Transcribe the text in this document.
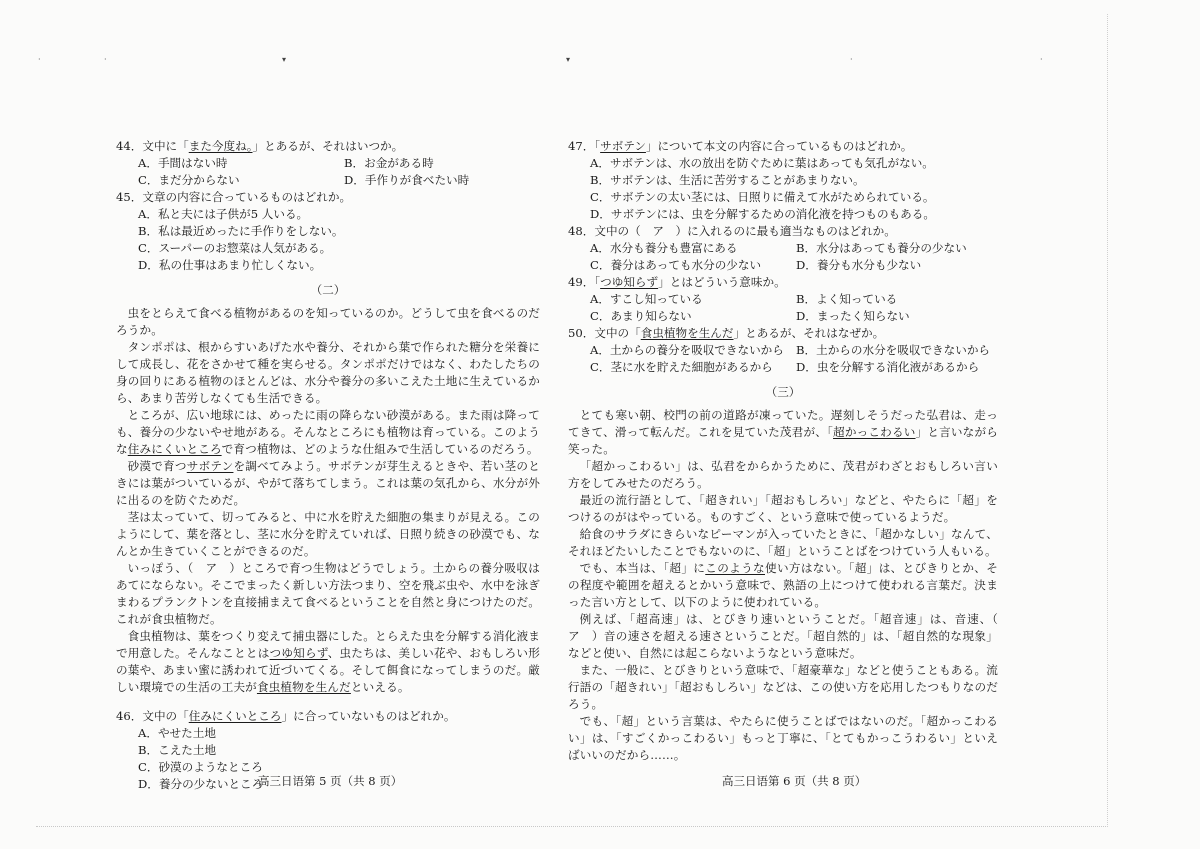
·	·	▾	▾	·	·

44．文中に「また今度ね。」とあるが、それはいつか。

A．手間はない時	B．お金がある時
C．まだ分からない	D．手作りが食べたい時

45．文章の内容に合っているものはどれか。

A．私と夫には子供が5 人いる。
B．私は最近めったに手作りをしない。
C．スーパーのお惣菜は人気がある。
D．私の仕事はあまり忙しくない。
（二）

虫をとらえて食べる植物があるのを知っているのか。どうして虫を食べるのだろうか。

タンポポは、根からすいあげた水や養分、それから葉で作られた糖分を栄養にして成長し、花をさかせて種を実らせる。タンポポだけではなく、わたしたちの身の回りにある植物のほとんどは、水分や養分の多いこえた土地に生えているから、あまり苦労しなくても生活できる。

ところが、広い地球には、めったに雨の降らない砂漠がある。また雨は降っても、養分の少ないやせ地がある。そんなところにも植物は育っている。このような住みにくいところで育つ植物は、どのような仕組みで生活しているのだろう。

砂漠で育つサボテンを調べてみよう。サボテンが芽生えるときや、若い茎のときには葉がついているが、やがて落ちてしまう。これは葉の気孔から、水分が外に出るのを防ぐためだ。

茎は太っていて、切ってみると、中に水を貯えた細胞の集まりが見える。このようにして、葉を落とし、茎に水分を貯えていれば、日照り続きの砂漠でも、なんとか生きていくことができるのだ。

いっぽう、（　ア　）ところで育つ生物はどうでしょう。土からの養分吸収はあてにならない。そこでまったく新しい方法つまり、空を飛ぶ虫や、水中を泳ぎまわるプランクトンを直接捕まえて食べるということを自然と身につけたのだ。これが食虫植物だ。

食虫植物は、葉をつくり変えて捕虫器にした。とらえた虫を分解する消化液まで用意した。そんなこととはつゆ知らず、虫たちは、美しい花や、おもしろい形の葉や、あまい蜜に誘われて近づいてくる。そして餌食になってしまうのだ。厳しい環境での生活の工夫が食虫植物を生んだといえる。

46．文中の「住みにくいところ」に合っていないものはどれか。

A．やせた土地
B．こえた土地
C．砂漠のようなところ
D．養分の少ないところ
高三日语第 5 页（共 8 页）

47．「サボテン」について本文の内容に合っているものはどれか。

A．サボテンは、水の放出を防ぐために葉はあっても気孔がない。
B．サボテンは、生活に苦労することがあまりない。
C．サボテンの太い茎には、日照りに備えて水がためられている。
D．サボテンには、虫を分解するための消化液を持つものもある。

48．文中の（　ア　）に入れるのに最も適当なものはどれか。

A．水分も養分も豊富にある	B．水分はあっても養分の少ない
C．養分はあっても水分の少ない	D．養分も水分も少ない

49．「つゆ知らず」とはどういう意味か。

A．すこし知っている	B．よく知っている
C．あまり知らない	D．まったく知らない

50．文中の「食虫植物を生んだ」とあるが、それはなぜか。

A．土からの養分を吸収できないから	B．土からの水分を吸収できないから
C．茎に水を貯えた細胞があるから	D．虫を分解する消化液があるから
（三）

とても寒い朝、校門の前の道路が凍っていた。遅刻しそうだった弘君は、走ってきて、滑って転んだ。これを見ていた茂君が、「超かっこわるい」と言いながら笑った。

「超かっこわるい」は、弘君をからかうために、茂君がわざとおもしろい言い方をしてみせたのだろう。

最近の流行語として、「超きれい」「超おもしろい」などと、やたらに「超」をつけるのがはやっている。ものすごく、という意味で使っているようだ。

給食のサラダにきらいなピーマンが入っていたときに、「超かなしい」なんて、それほどたいしたことでもないのに、「超」ということばをつけていう人もいる。

でも、本当は、「超」にこのような使い方はない。「超」は、とびきりとか、その程度や範囲を超えるとかいう意味で、熟語の上につけて使われる言葉だ。決まった言い方として、以下のように使われている。

例えば、「超高速」は、とびきり速いということだ。「超音速」は、音速、（　ア　）音の速さを超える速さということだ。「超自然的」は、「超自然的な現象」などと使い、自然には起こらないようなという意味だ。

また、一般に、とびきりという意味で、「超豪華な」などと使うこともある。流行語の「超きれい」「超おもしろい」などは、この使い方を応用したつもりなのだろう。

でも、「超」という言葉は、やたらに使うことばではないのだ。「超かっこわるい」は、「すごくかっこわるい」もっと丁寧に、「とてもかっこうわるい」といえばいいのだから……。

高三日语第 6 页（共 8 页）
